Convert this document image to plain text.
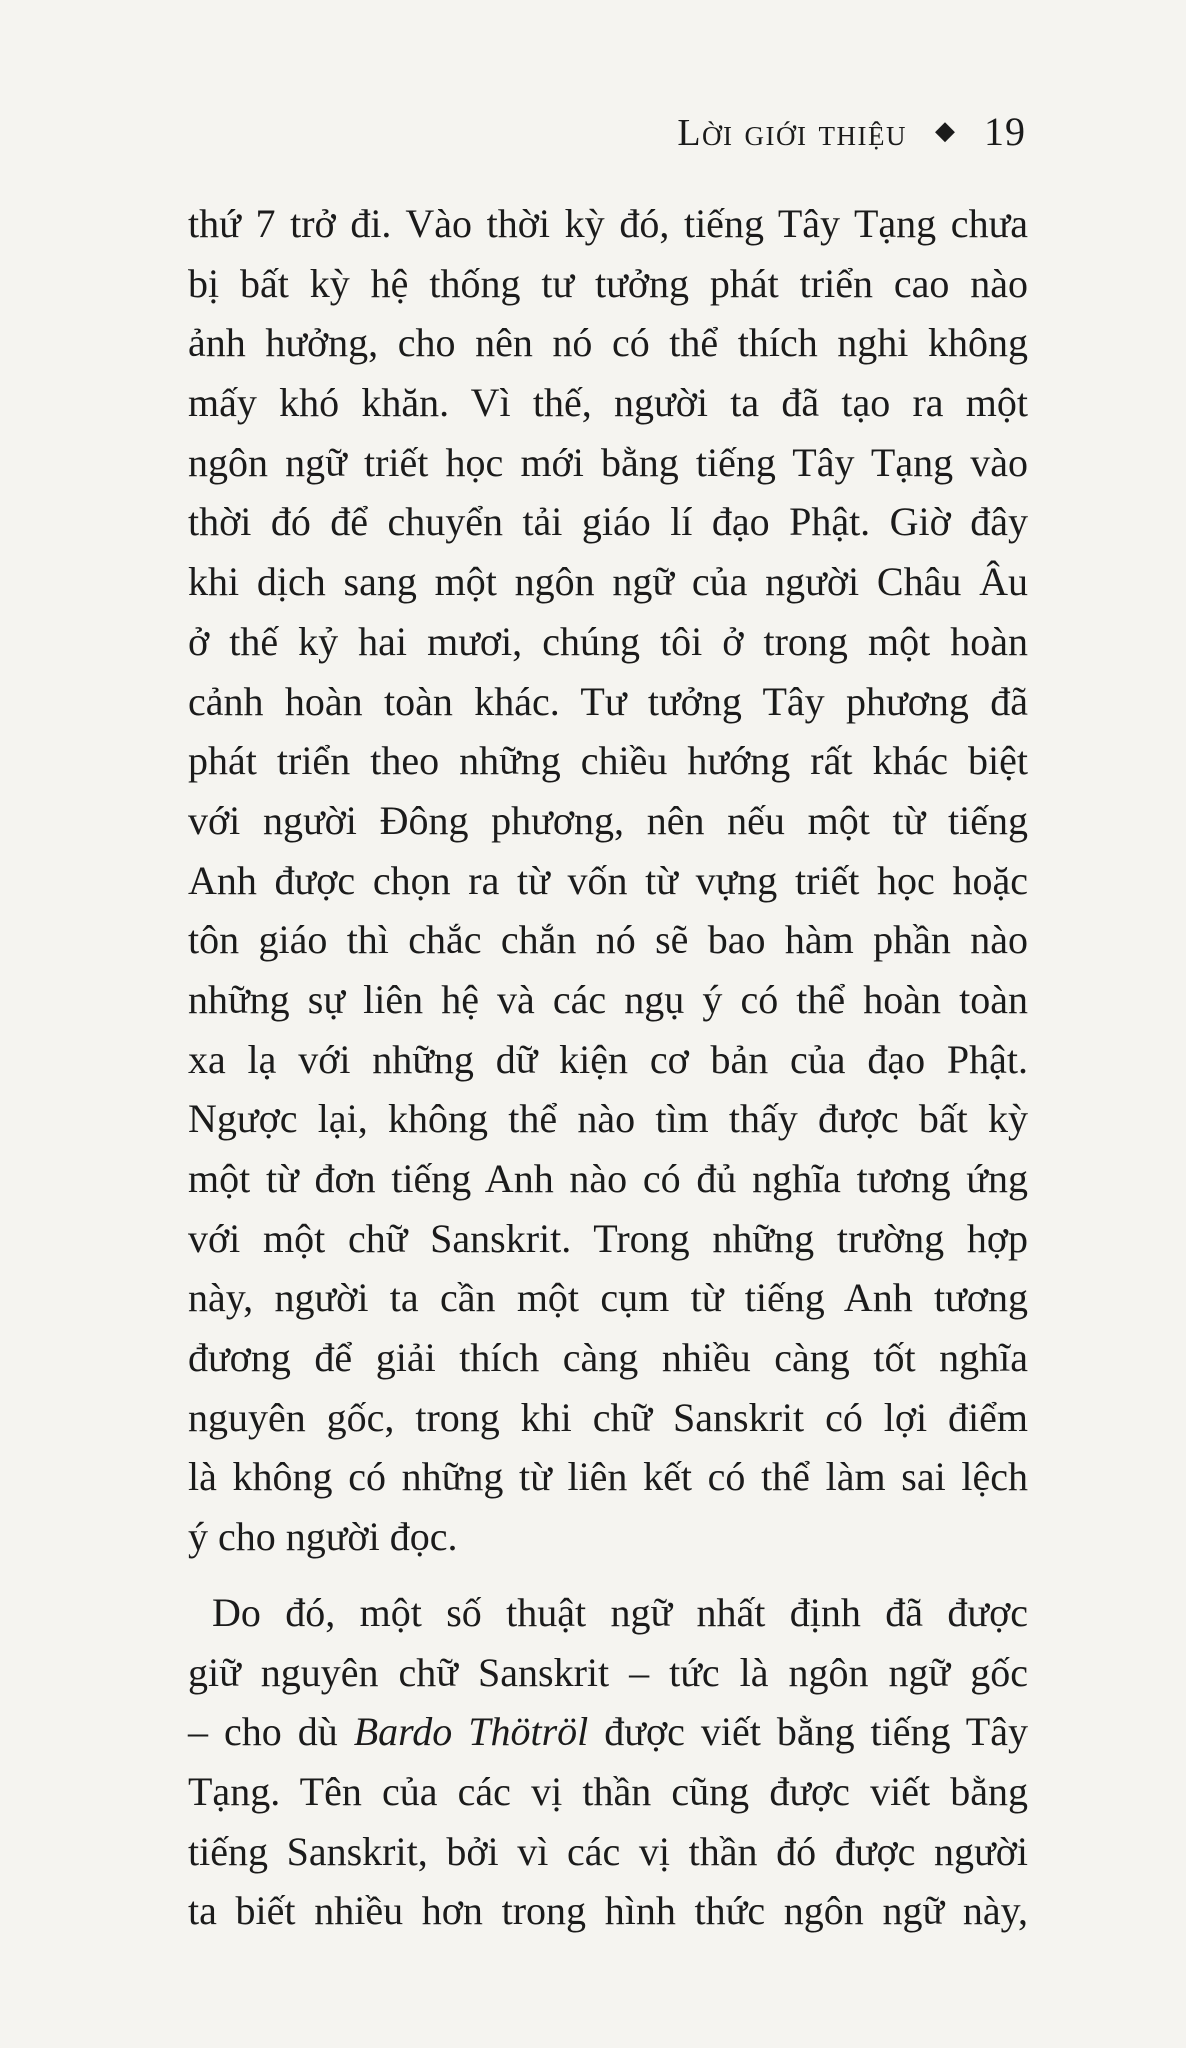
Lời giới thiệu ◆ 19
thứ 7 trở đi. Vào thời kỳ đó, tiếng Tây Tạng chưa
bị bất kỳ hệ thống tư tưởng phát triển cao nào
ảnh hưởng, cho nên nó có thể thích nghi không
mấy khó khăn. Vì thế, người ta đã tạo ra một
ngôn ngữ triết học mới bằng tiếng Tây Tạng vào
thời đó để chuyển tải giáo lí đạo Phật. Giờ đây
khi dịch sang một ngôn ngữ của người Châu Âu
ở thế kỷ hai mươi, chúng tôi ở trong một hoàn
cảnh hoàn toàn khác. Tư tưởng Tây phương đã
phát triển theo những chiều hướng rất khác biệt
với người Đông phương, nên nếu một từ tiếng
Anh được chọn ra từ vốn từ vựng triết học hoặc
tôn giáo thì chắc chắn nó sẽ bao hàm phần nào
những sự liên hệ và các ngụ ý có thể hoàn toàn
xa lạ với những dữ kiện cơ bản của đạo Phật.
Ngược lại, không thể nào tìm thấy được bất kỳ
một từ đơn tiếng Anh nào có đủ nghĩa tương ứng
với một chữ Sanskrit. Trong những trường hợp
này, người ta cần một cụm từ tiếng Anh tương
đương để giải thích càng nhiều càng tốt nghĩa
nguyên gốc, trong khi chữ Sanskrit có lợi điểm
là không có những từ liên kết có thể làm sai lệch
ý cho người đọc.
Do đó, một số thuật ngữ nhất định đã được
giữ nguyên chữ Sanskrit – tức là ngôn ngữ gốc
– cho dù Bardo Thötröl được viết bằng tiếng Tây
Tạng. Tên của các vị thần cũng được viết bằng
tiếng Sanskrit, bởi vì các vị thần đó được người
ta biết nhiều hơn trong hình thức ngôn ngữ này,
